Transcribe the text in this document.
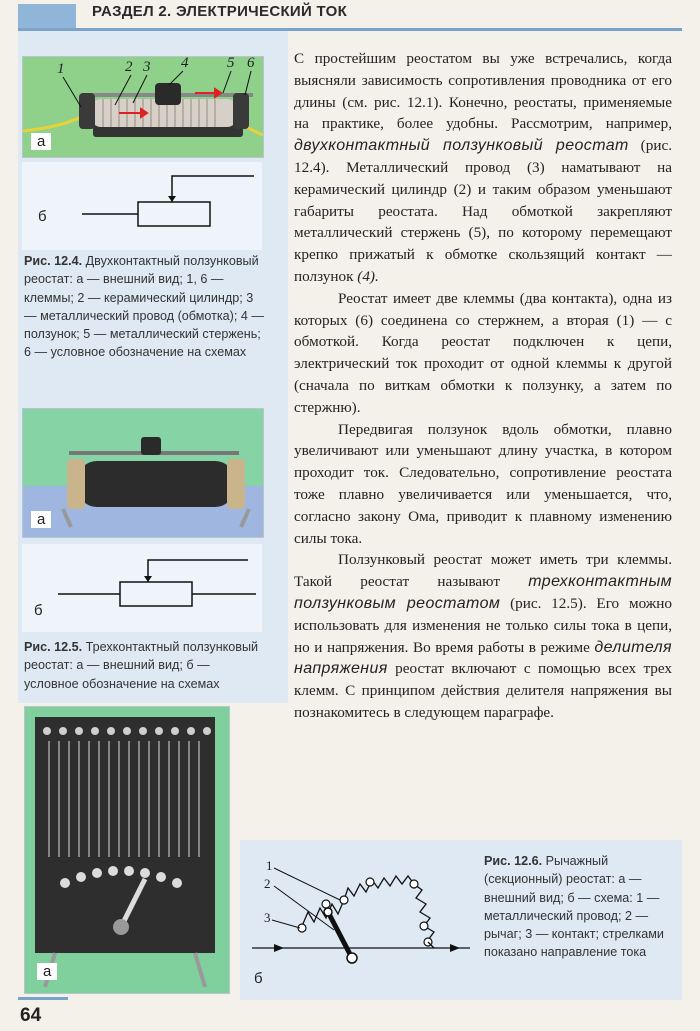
РАЗДЕЛ 2. ЭЛЕКТРИЧЕСКИЙ ТОК
1	2 3 4	5 6
а
б
Рис. 12.4. Двухконтактный ползунковый реостат: а — внешний вид; 1, 6 — клеммы; 2 — керамический цилиндр; 3 — металлический провод (обмотка); 4 — ползунок; 5 — металлический стержень; 6 — условное обозначение на схемах
а
б
Рис. 12.5. Трехконтактный ползунковый реостат: а — внешний вид; б — условное обозначение на схемах

С простейшим реостатом вы уже встречались, когда выясняли зависимость сопротивления проводника от его длины (см. рис. 12.1). Конечно, реостаты, применяемые на практике, более удобны. Рассмотрим, например, двухконтактный ползунковый реостат (рис. 12.4). Металлический провод (3) наматывают на керамический цилиндр (2) и таким образом уменьшают габариты реостата. Над обмоткой закрепляют металлический стержень (5), по которому перемещают крепко прижатый к обмотке скользящий контакт — ползунок (4).

Реостат имеет две клеммы (два контакта), одна из которых (6) соединена со стержнем, а вторая (1) — с обмоткой. Когда реостат подключен к цепи, электрический ток проходит от одной клеммы к другой (сначала по виткам обмотки к ползунку, а затем по стержню).

Передвигая ползунок вдоль обмотки, плавно увеличивают или уменьшают длину участка, в котором проходит ток. Следовательно, сопротивление реостата тоже плавно увеличивается или уменьшается, что, согласно закону Ома, приводит к плавному изменению силы тока.

Ползунковый реостат может иметь три клеммы. Такой реостат называют трехконтактным ползунковым реостатом (рис. 12.5). Его можно использовать для изменения не только силы тока в цепи, но и напряжения. Во время работы в режиме делителя напряжения реостат включают с помощью всех трех клемм. С принципом действия делителя напряжения вы познакомитесь в следующем параграфе.

а
1
2
3
б
Рис. 12.6. Рычажный (секционный) реостат: а — внешний вид; б — схема: 1 — металлический провод; 2 — рычаг; 3 — контакт; стрелками показано направление тока
64
